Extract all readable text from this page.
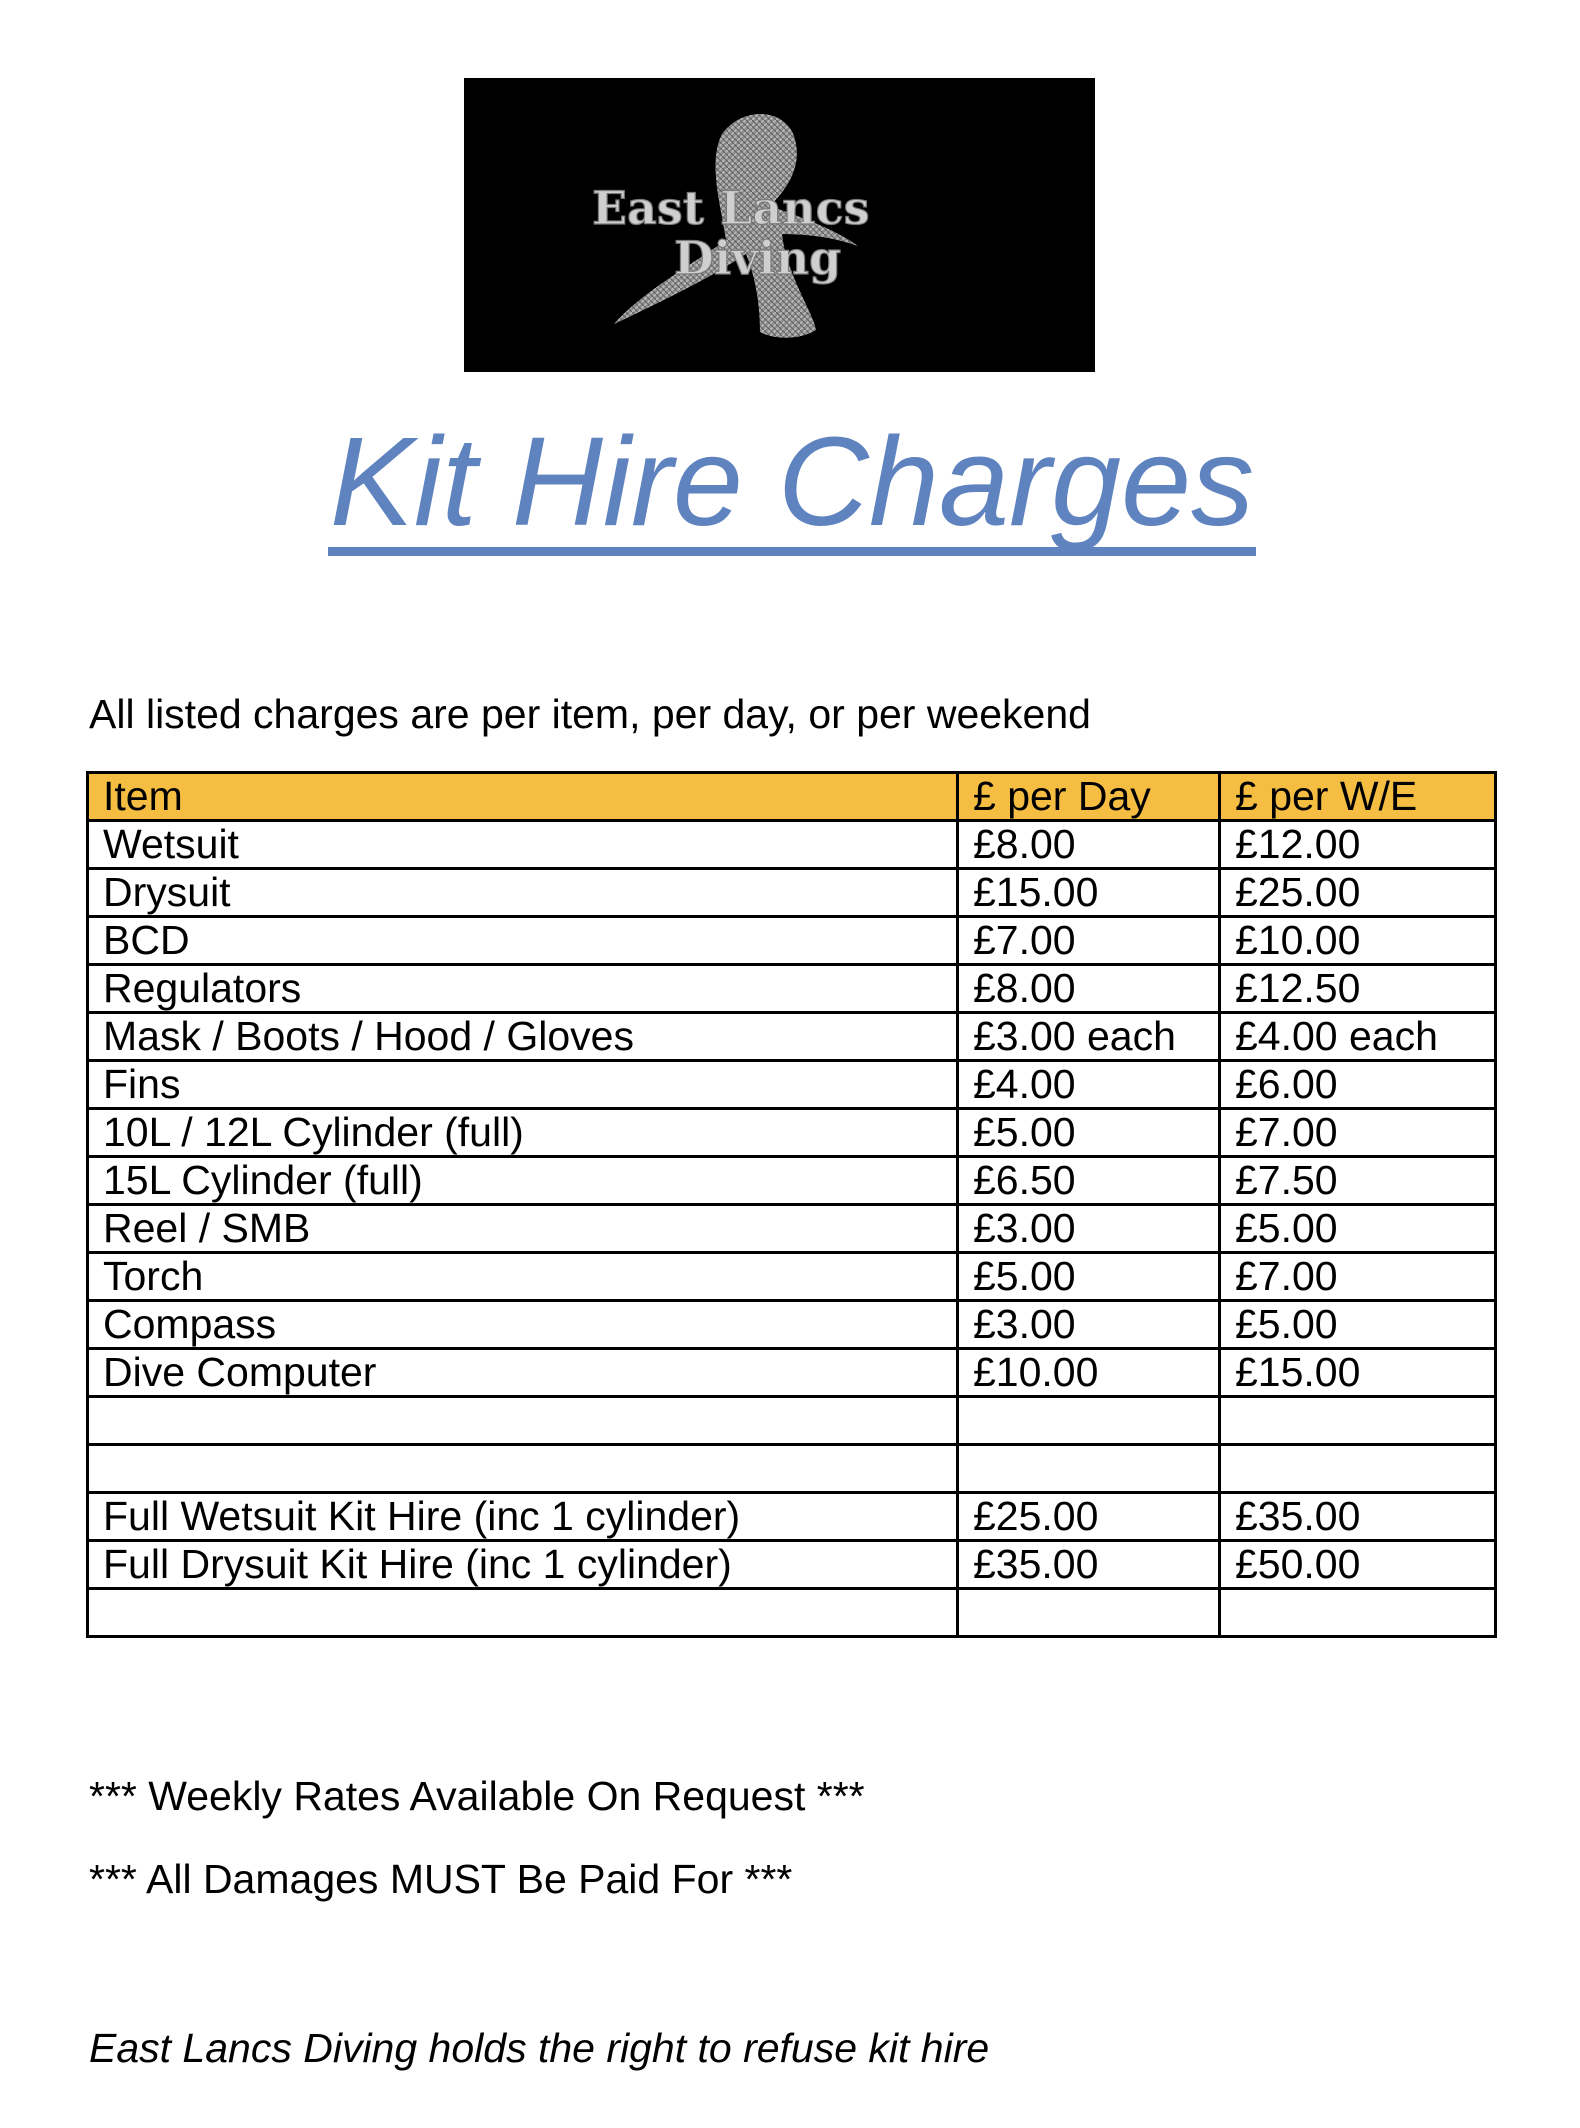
East Lancs
Diving
Kit Hire Charges
All listed charges are per item, per day, or per weekend
Item	£ per Day	£ per W/E
Wetsuit	£8.00	£12.00
Drysuit	£15.00	£25.00
BCD	£7.00	£10.00
Regulators	£8.00	£12.50
Mask / Boots / Hood / Gloves	£3.00 each	£4.00 each
Fins	£4.00	£6.00
10L / 12L Cylinder (full)	£5.00	£7.00
15L Cylinder (full)	£6.50	£7.50
Reel / SMB	£3.00	£5.00
Torch	£5.00	£7.00
Compass	£3.00	£5.00
Dive Computer	£10.00	£15.00

Full Wetsuit Kit Hire (inc 1 cylinder)	£25.00	£35.00
Full Drysuit Kit Hire (inc 1 cylinder)	£35.00	£50.00

*** Weekly Rates Available On Request ***
*** All Damages MUST Be Paid For ***
East Lancs Diving holds the right to refuse kit hire
